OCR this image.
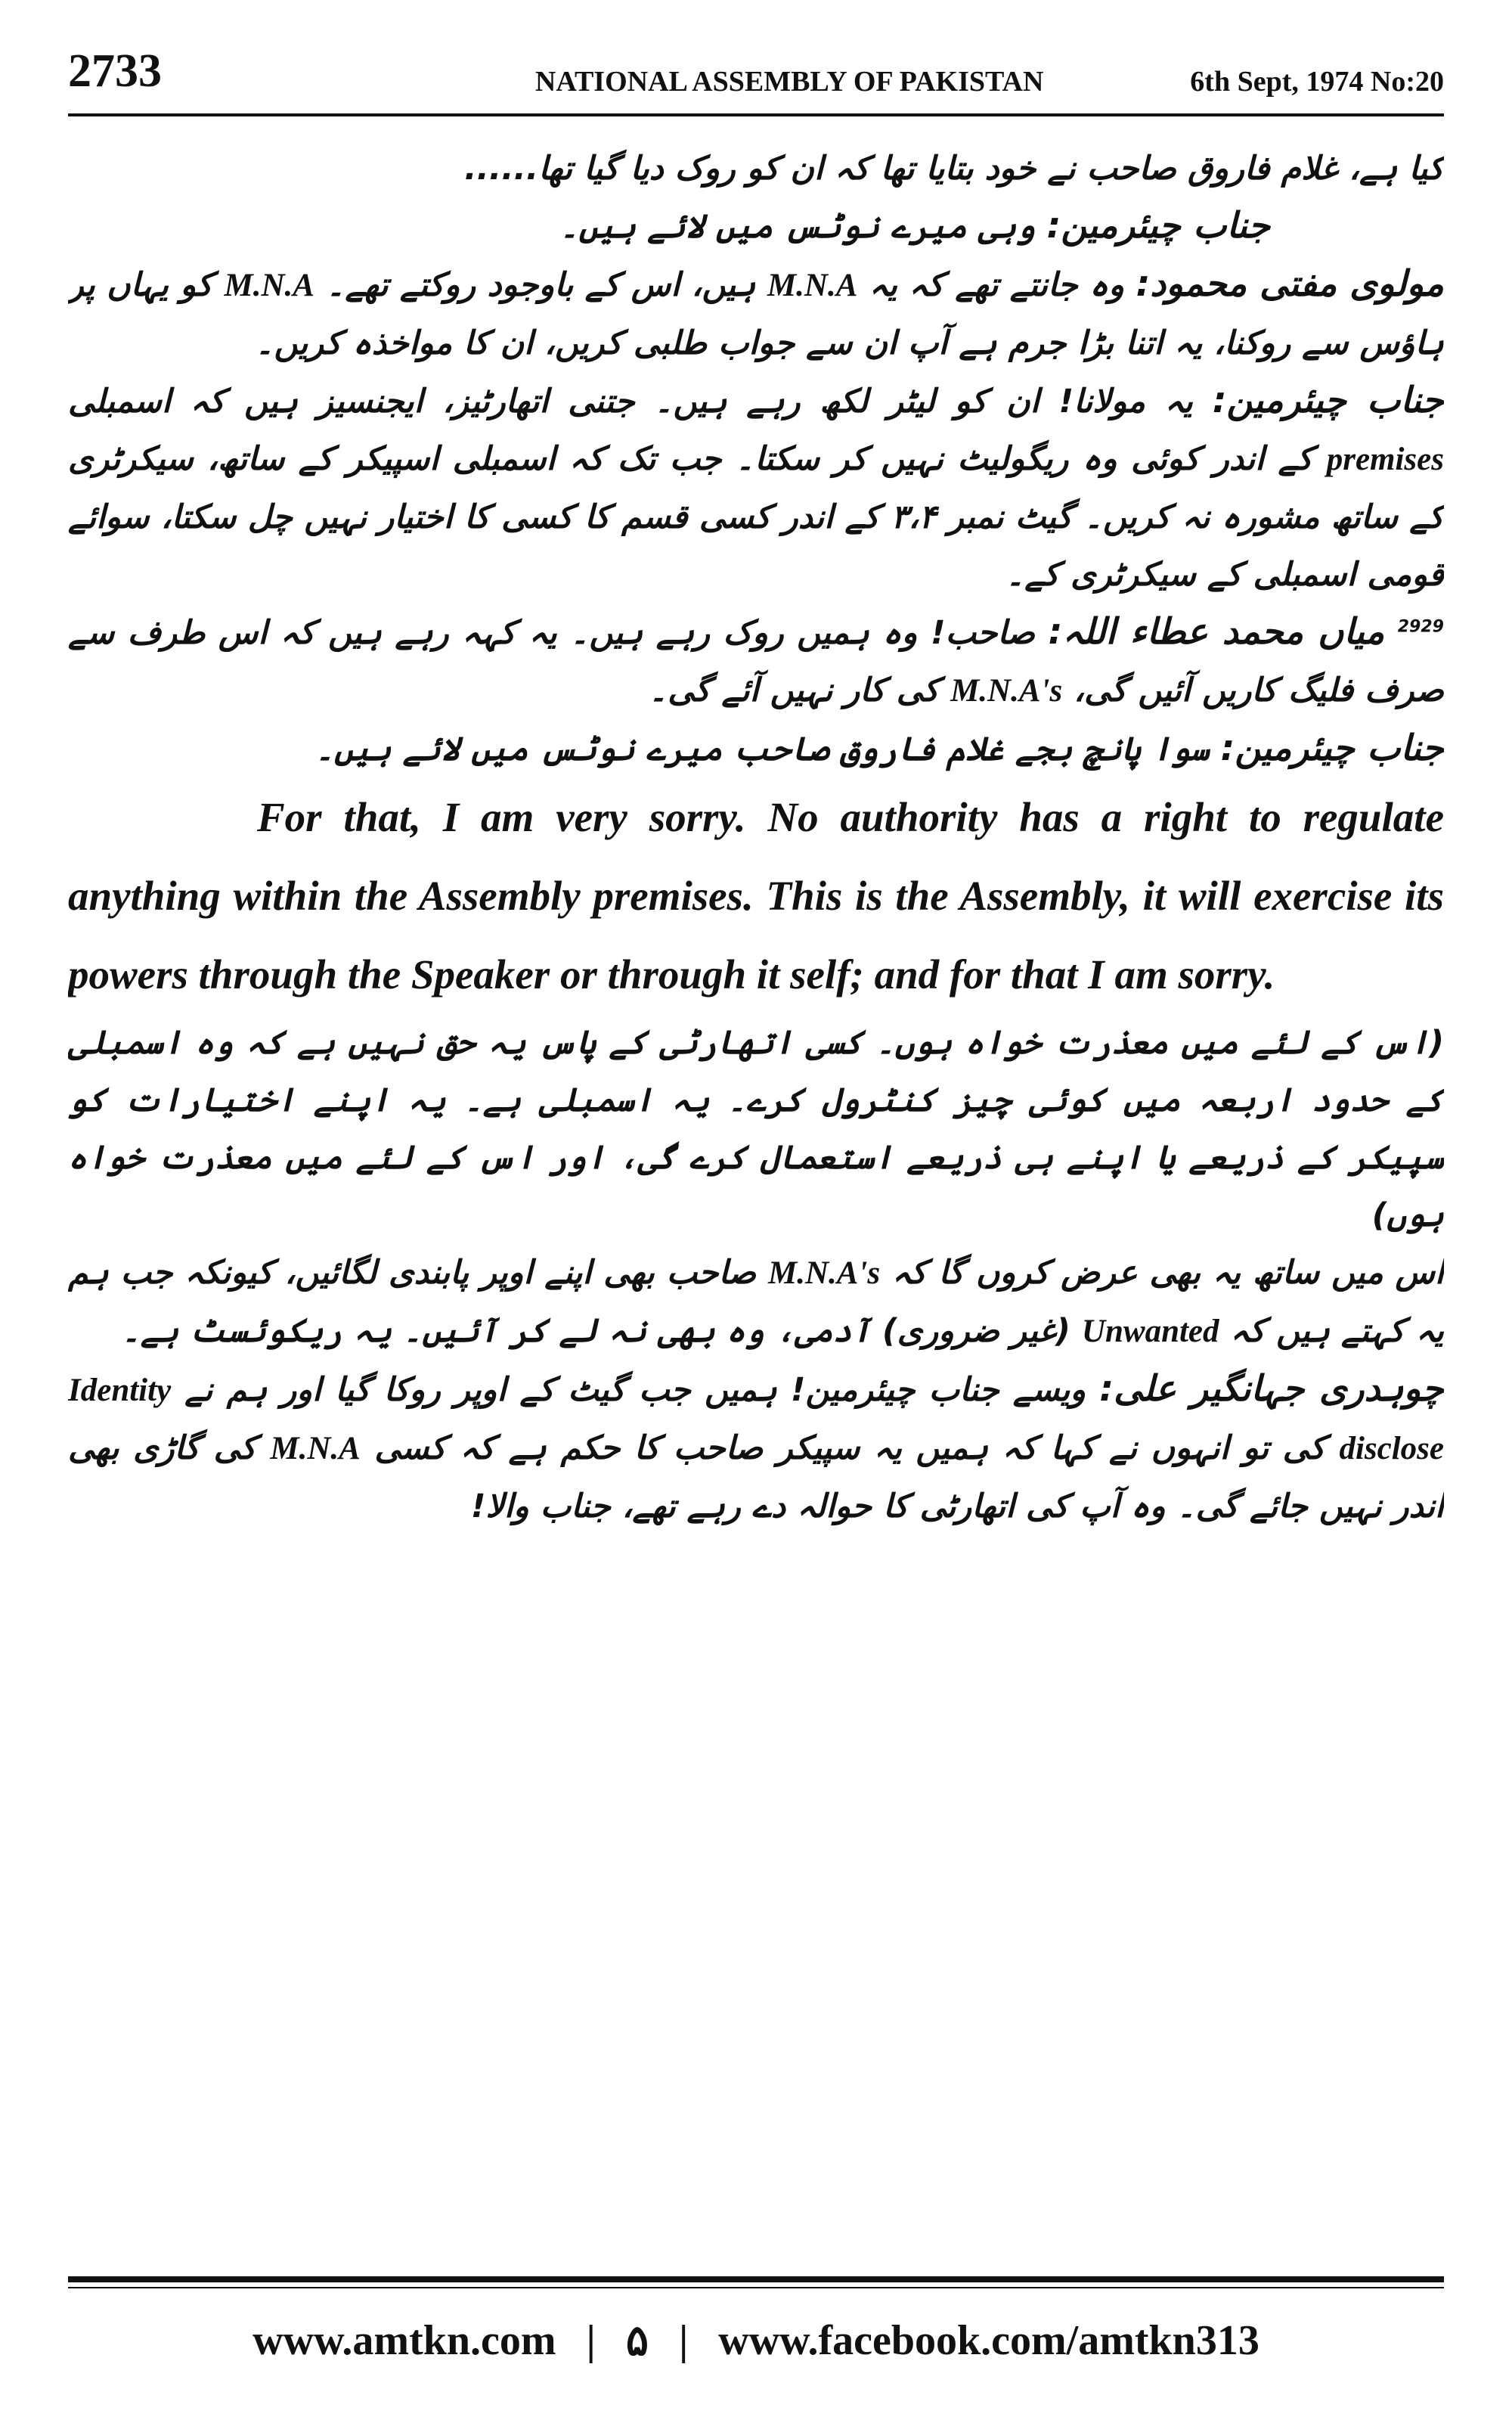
2733	NATIONAL ASSEMBLY OF PAKISTAN	6th Sept, 1974 No:20

کیا ہے، غلام فاروق صاحب نے خود بتایا تھا کہ ان کو روک دیا گیا تھا......

جناب چیئرمین: وہی میرے نوٹس میں لائے ہیں۔

مولوی مفتی محمود: وہ جانتے تھے کہ یہ M.N.A ہیں، اس کے باوجود روکتے تھے۔ M.N.A کو یہاں پر ہاؤس سے روکنا، یہ اتنا بڑا جرم ہے آپ ان سے جواب طلبی کریں، ان کا مواخذہ کریں۔

جناب چیئرمین: یہ مولانا! ان کو لیٹر لکھ رہے ہیں۔ جتنی اتھارٹیز، ایجنسیز ہیں کہ اسمبلی premises کے اندر کوئی وہ ریگولیٹ نہیں کر سکتا۔ جب تک کہ اسمبلی اسپیکر کے ساتھ، سیکرٹری کے ساتھ مشورہ نہ کریں۔ گیٹ نمبر ۳،۴ کے اندر کسی قسم کا کسی کا اختیار نہیں چل سکتا، سوائے قومی اسمبلی کے سیکرٹری کے۔

$^{2929}$ میاں محمد عطاء اللہ: صاحب! وہ ہمیں روک رہے ہیں۔ یہ کہہ رہے ہیں کہ اس طرف سے صرف فلیگ کاریں آئیں گی، M.N.A's کی کار نہیں آئے گی۔

جناب چیئرمین: سوا پانچ بجے غلام فاروق صاحب میرے نوٹس میں لائے ہیں۔

For that, I am very sorry. No authority has a right to regulate anything within the Assembly premises. This is the Assembly, it will exercise its powers through the Speaker or through it self; and for that I am sorry.

(اس کے لئے میں معذرت خواہ ہوں۔ کسی اتھارٹی کے پاس یہ حق نہیں ہے کہ وہ اسمبلی کے حدود اربعہ میں کوئی چیز کنٹرول کرے۔ یہ اسمبلی ہے۔ یہ اپنے اختیارات کو سپیکر کے ذریعے یا اپنے ہی ذریعے استعمال کرے گی، اور اس کے لئے میں معذرت خواہ ہوں)

اس میں ساتھ یہ بھی عرض کروں گا کہ M.N.A's صاحب بھی اپنے اوپر پابندی لگائیں، کیونکہ جب ہم یہ کہتے ہیں کہ Unwanted (غیر ضروری) آدمی، وہ بھی نہ لے کر آئیں۔ یہ ریکوئسٹ ہے۔

چوہدری جہانگیر علی: ویسے جناب چیئرمین! ہمیں جب گیٹ کے اوپر روکا گیا اور ہم نے Identity disclose کی تو انہوں نے کہا کہ ہمیں یہ سپیکر صاحب کا حکم ہے کہ کسی M.N.A کی گاڑی بھی اندر نہیں جائے گی۔ وہ آپ کی اتھارٹی کا حوالہ دے رہے تھے، جناب والا!

www.amtkn.com | ۵ | www.facebook.com/amtkn313
